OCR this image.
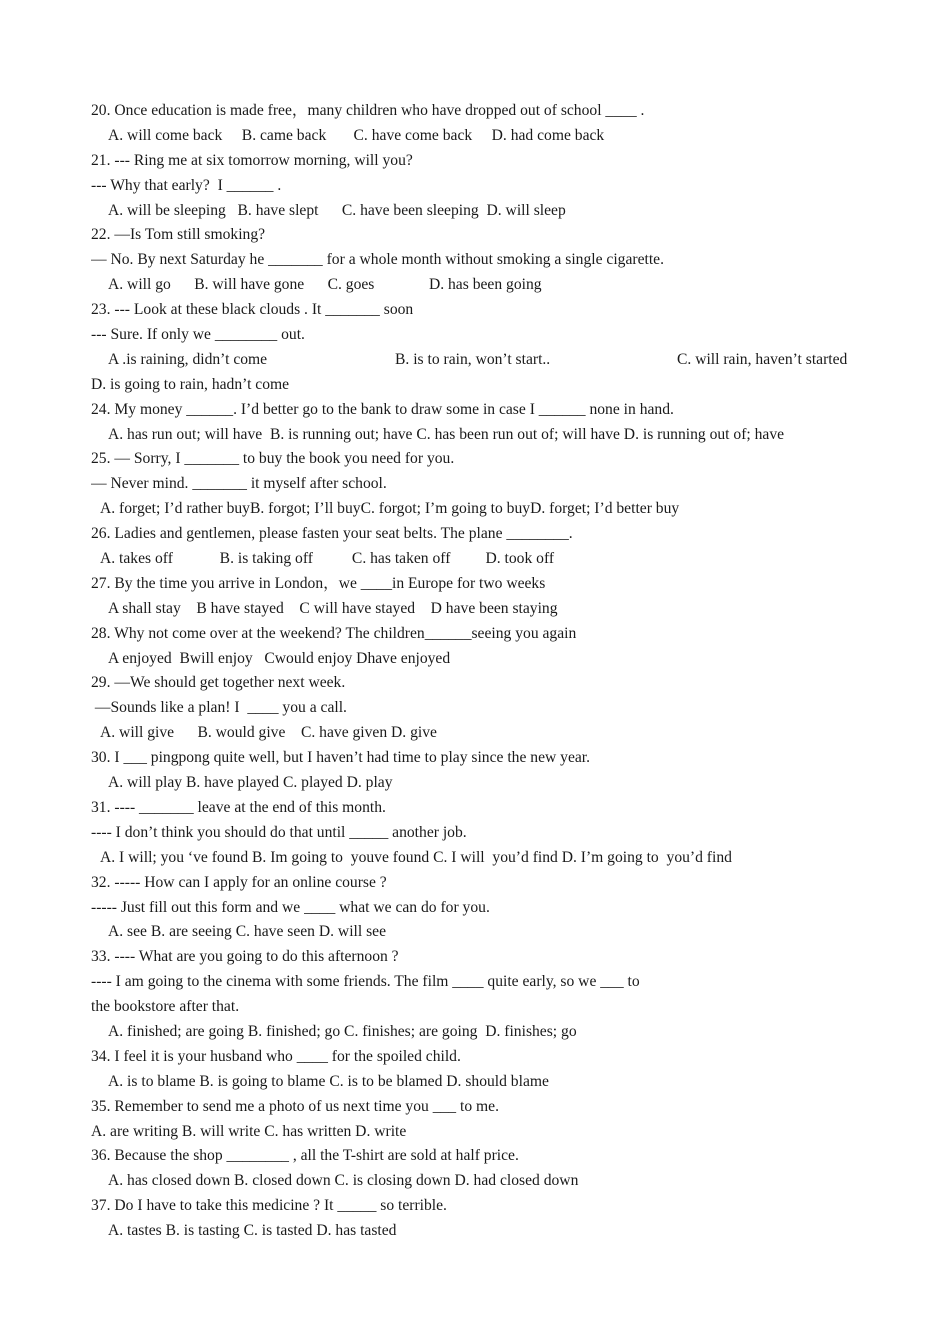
20. Once education is made free，many children who have dropped out of school ____ .
A. will come back     B. came back       C. have come back     D. had come back
21. --- Ring me at six tomorrow morning, will you?
--- Why that early?  I ______ .
A. will be sleeping   B. have slept      C. have been sleeping  D. will sleep
22. —Is Tom still smoking?
— No. By next Saturday he _______ for a whole month without smoking a single cigarette.
A. will go      B. will have gone      C. goes              D. has been going
23. --- Look at these black clouds . It _______ soon
--- Sure. If only we ________ out.

A .is raining, didn’t come

	B. is to rain, won’t start..

	C. will rain, haven’t started

D. is going to rain, hadn’t come
24. My money ______. I’d better go to the bank to draw some in case I ______ none in hand.
A. has run out; will have  B. is running out; have C. has been run out of; will have D. is running out of; have
25. — Sorry, I _______ to buy the book you need for you.
— Never mind. _______ it myself after school.
A. forget; I’d rather buyB. forgot; I’ll buyC. forgot; I’m going to buyD. forget; I’d better buy
26. Ladies and gentlemen, please fasten your seat belts. The plane ________.
A. takes off            B. is taking off          C. has taken off         D. took off
27. By the time you arrive in London，we ____in Europe for two weeks
A shall stay    B have stayed    C will have stayed    D have been staying
28. Why not come over at the weekend? The children______seeing you again
A enjoyed  Bwill enjoy   Cwould enjoy Dhave enjoyed
29. —We should get together next week.
—Sounds like a plan! I  ____ you a call.
A. will give      B. would give    C. have given D. give
30. I ___ pingpong quite well, but I haven’t had time to play since the new year.
A. will play B. have played C. played D. play
31. ---- _______ leave at the end of this month.
---- I don’t think you should do that until _____ another job.
A. I will; you ‘ve found B. Im going to  youve found C. I will  you’d find D. I’m going to  you’d find
32. ----- How can I apply for an online course ?
----- Just fill out this form and we ____ what we can do for you.
A. see B. are seeing C. have seen D. will see
33. ---- What are you going to do this afternoon ?
---- I am going to the cinema with some friends. The film ____ quite early, so we ___ to
the bookstore after that.
A. finished; are going B. finished; go C. finishes; are going  D. finishes; go
34. I feel it is your husband who ____ for the spoiled child.
A. is to blame B. is going to blame C. is to be blamed D. should blame
35. Remember to send me a photo of us next time you ___ to me.
A. are writing B. will write C. has written D. write
36. Because the shop ________ , all the T-shirt are sold at half price.
A. has closed down B. closed down C. is closing down D. had closed down
37. Do I have to take this medicine ? It _____ so terrible.
A. tastes B. is tasting C. is tasted D. has tasted
